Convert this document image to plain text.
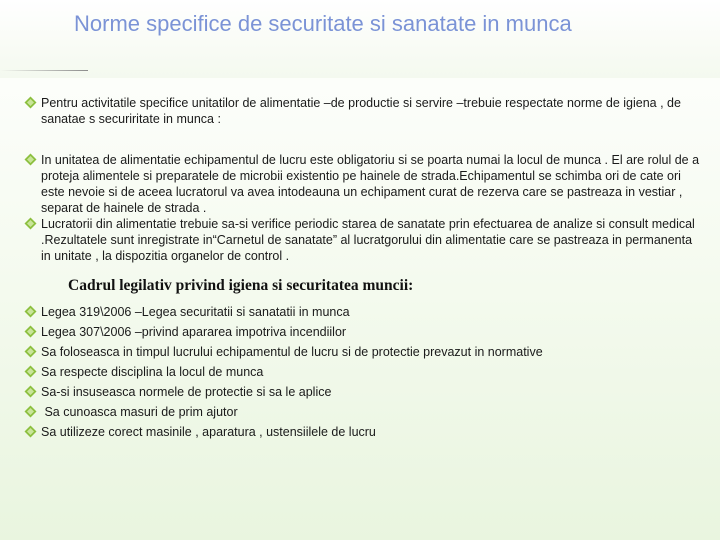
Norme specifice de securitate si sanatate in munca
Pentru activitatile specifice unitatilor de alimentatie –de productie si servire –trebuie respectate norme de igiena , de sanatae s securiritate in munca :
In unitatea de alimentatie echipamentul de lucru este obligatoriu si se poarta numai la locul de munca . El are rolul de a proteja alimentele si preparatele de microbii existentio pe hainele de strada.Echipamentul se schimba ori de cate ori este nevoie si de aceea lucratorul va avea intodeauna un echipament curat de rezerva care se pastreaza in vestiar , separat de hainele de strada .
Lucratorii din alimentatie trebuie sa-si verifice periodic starea de sanatate prin efectuarea de analize si consult medical .Rezultatele sunt inregistrate in“Carnetul de sanatate” al lucratgorului din alimentatie care se pastreaza in permanenta in unitate , la dispozitia organelor de control .
Cadrul legilativ privind igiena si securitatea muncii:
Legea 319\2006 –Legea securitatii si sanatatii in munca
Legea 307\2006 –privind apararea impotriva incendiilor
Sa foloseasca in timpul lucrului echipamentul de lucru si de protectie prevazut in normative
Sa respecte disciplina la locul de munca
Sa-si insuseasca normele de protectie si sa le aplice
Sa cunoasca masuri de prim ajutor
Sa utilizeze corect masinile , aparatura , ustensiilele de lucru
